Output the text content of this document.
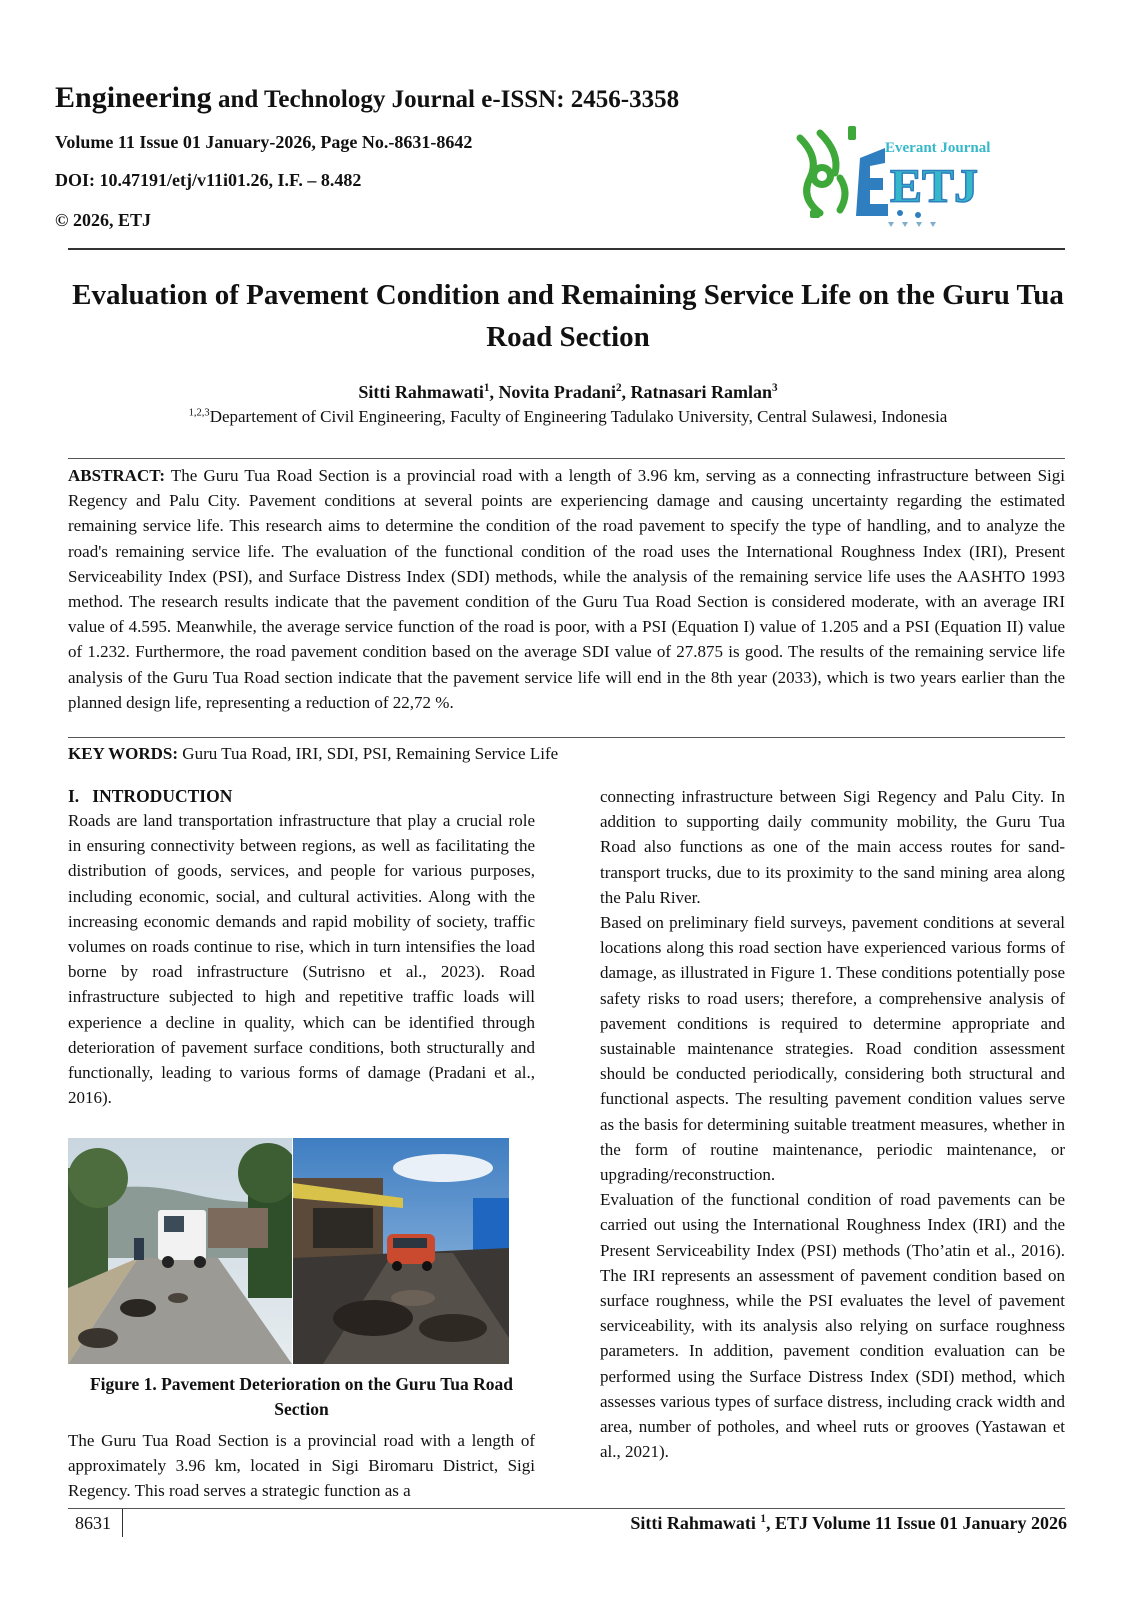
Engineering and Technology Journal e-ISSN: 2456-3358
Volume 11 Issue 01 January-2026, Page No.-8631-8642
DOI: 10.47191/etj/v11i01.26, I.F. – 8.482
© 2026, ETJ
Everant Journal
ETJ
Evaluation of Pavement Condition and Remaining Service Life on the Guru Tua Road Section
Sitti Rahmawati$^1$, Novita Pradani$^2$, Ratnasari Ramlan$^3$
$^{1,2,3}$Departement of Civil Engineering, Faculty of Engineering Tadulako University, Central Sulawesi, Indonesia
ABSTRACT: The Guru Tua Road Section is a provincial road with a length of 3.96 km, serving as a connecting infrastructure between Sigi Regency and Palu City. Pavement conditions at several points are experiencing damage and causing uncertainty regarding the estimated remaining service life. This research aims to determine the condition of the road pavement to specify the type of handling, and to analyze the road's remaining service life. The evaluation of the functional condition of the road uses the International Roughness Index (IRI), Present Serviceability Index (PSI), and Surface Distress Index (SDI) methods, while the analysis of the remaining service life uses the AASHTO 1993 method. The research results indicate that the pavement condition of the Guru Tua Road Section is considered moderate, with an average IRI value of 4.595. Meanwhile, the average service function of the road is poor, with a PSI (Equation I) value of 1.205 and a PSI (Equation II) value of 1.232. Furthermore, the road pavement condition based on the average SDI value of 27.875 is good. The results of the remaining service life analysis of the Guru Tua Road section indicate that the pavement service life will end in the 8th year (2033), which is two years earlier than the planned design life, representing a reduction of 22,72 %.
KEY WORDS: Guru Tua Road, IRI, SDI, PSI, Remaining Service Life
I.   INTRODUCTION

Roads are land transportation infrastructure that play a crucial role in ensuring connectivity between regions, as well as facilitating the distribution of goods, services, and people for various purposes, including economic, social, and cultural activities. Along with the increasing economic demands and rapid mobility of society, traffic volumes on roads continue to rise, which in turn intensifies the load borne by road infrastructure (Sutrisno et al., 2023). Road infrastructure subjected to high and repetitive traffic loads will experience a decline in quality, which can be identified through deterioration of pavement surface conditions, both structurally and functionally, leading to various forms of damage (Pradani et al., 2016).

Figure 1. Pavement Deterioration on the Guru Tua Road Section

The Guru Tua Road Section is a provincial road with a length of approximately 3.96 km, located in Sigi Biromaru District, Sigi Regency. This road serves a strategic function as a

connecting infrastructure between Sigi Regency and Palu City. In addition to supporting daily community mobility, the Guru Tua Road also functions as one of the main access routes for sand-transport trucks, due to its proximity to the sand mining area along the Palu River.

Based on preliminary field surveys, pavement conditions at several locations along this road section have experienced various forms of damage, as illustrated in Figure 1. These conditions potentially pose safety risks to road users; therefore, a comprehensive analysis of pavement conditions is required to determine appropriate and sustainable maintenance strategies. Road condition assessment should be conducted periodically, considering both structural and functional aspects. The resulting pavement condition values serve as the basis for determining suitable treatment measures, whether in the form of routine maintenance, periodic maintenance, or upgrading/reconstruction.

Evaluation of the functional condition of road pavements can be carried out using the International Roughness Index (IRI) and the Present Serviceability Index (PSI) methods (Tho’atin et al., 2016). The IRI represents an assessment of pavement condition based on surface roughness, while the PSI evaluates the level of pavement serviceability, with its analysis also relying on surface roughness parameters. In addition, pavement condition evaluation can be performed using the Surface Distress Index (SDI) method, which assesses various types of surface distress, including crack width and area, number of potholes, and wheel ruts or grooves (Yastawan et al., 2021).

8631	Sitti Rahmawati $^1$, ETJ Volume 11 Issue 01 January 2026
